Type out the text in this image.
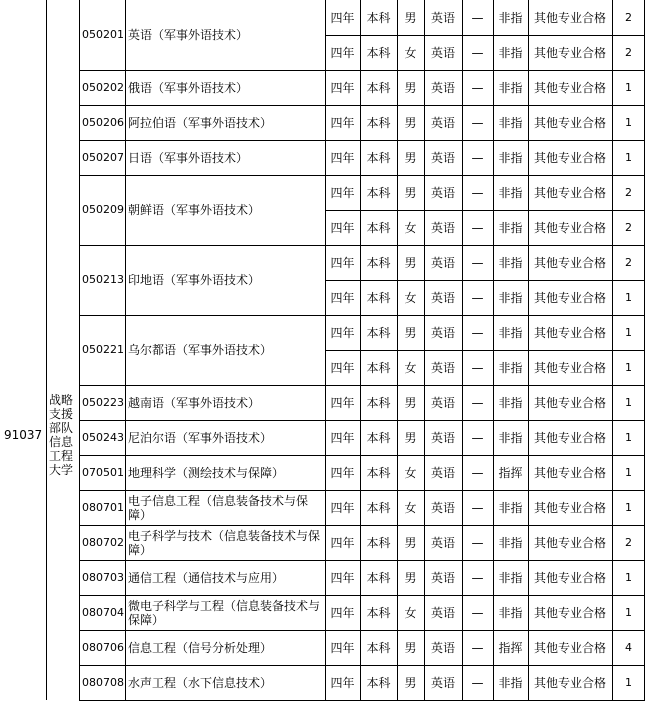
91037
战略支援部队信息工程大学
050201 英语（军事外语技术）
四年 本科	男	英语	—	非指 其他专业合格	2
四年 本科	女	英语	—	非指 其他专业合格	2
050202 俄语（军事外语技术）	四年 本科	男	英语	—	非指 其他专业合格	1
050206 阿拉伯语（军事外语技术）	四年 本科	男	英语	—	非指 其他专业合格	1
050207 日语（军事外语技术）	四年 本科	男	英语	—	非指 其他专业合格	1
050209 朝鲜语（军事外语技术）
四年 本科	男	英语	—	非指 其他专业合格	2
四年 本科	女	英语	—	非指 其他专业合格	2
050213 印地语（军事外语技术）
四年 本科	男	英语	—	非指 其他专业合格	2
四年 本科	女	英语	—	非指 其他专业合格	1
050221 乌尔都语（军事外语技术）
四年 本科	男	英语	—	非指 其他专业合格	1
四年 本科	女	英语	—	非指 其他专业合格	1
050223 越南语（军事外语技术）	四年 本科	男	英语	—	非指 其他专业合格	1
050243 尼泊尔语（军事外语技术）	四年 本科	男	英语	—	非指 其他专业合格	1
070501 地理科学（测绘技术与保障）	四年 本科	女	英语	—	指挥 其他专业合格	1
080701 电子信息工程（信息装备技术与保障）	四年 本科	女	英语	—	非指 其他专业合格	1
080702 电子科学与技术（信息装备技术与保障）	四年 本科	男	英语	—	非指 其他专业合格	2
080703 通信工程（通信技术与应用）	四年 本科	男	英语	—	非指 其他专业合格	1
080704 微电子科学与工程（信息装备技术与保障）	四年 本科	女	英语	—	非指 其他专业合格	1
080706 信息工程（信号分析处理）	四年 本科	男	英语	—	指挥 其他专业合格	4
080708 水声工程（水下信息技术）	四年 本科	男	英语	—	非指 其他专业合格	1
